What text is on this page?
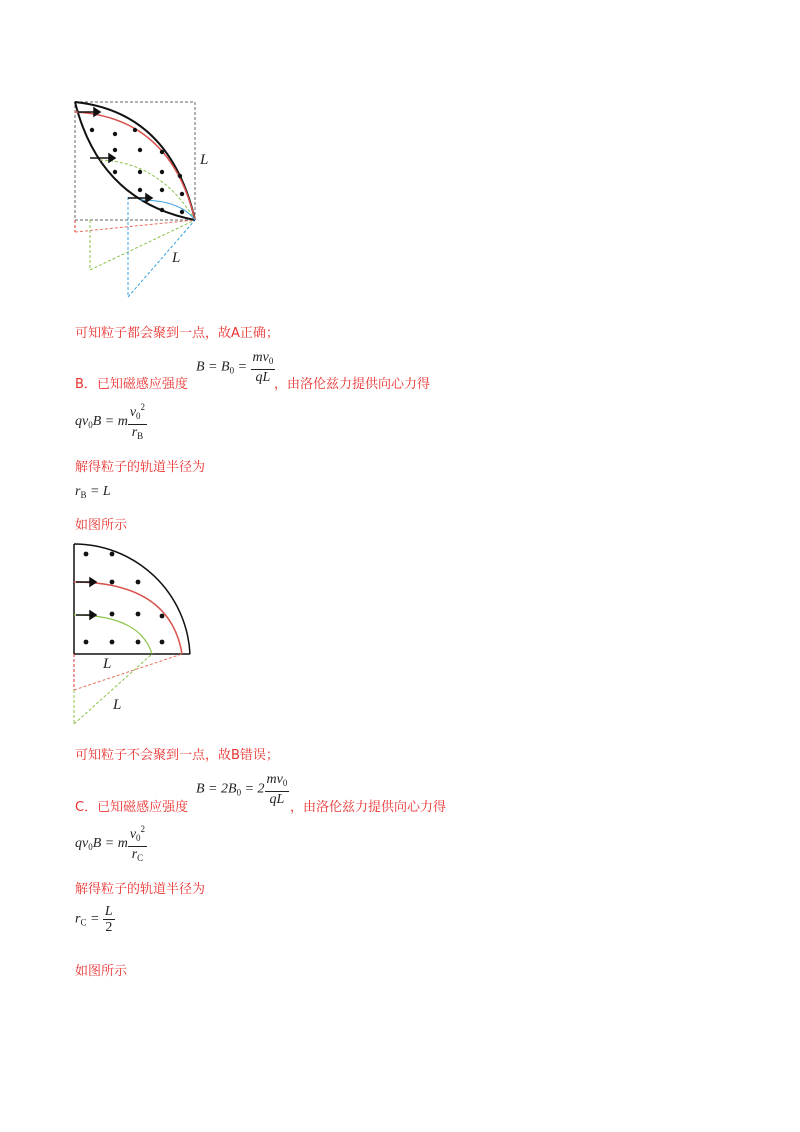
L
L
可知粒子都会聚到一点，故A正确；
B．已知磁感应强度
$B = B_0 = \frac{mv_0}{qL}$
，由洛伦兹力提供向心力得
$qv_0B = m \frac{v_0^2}{r_B}$
解得粒子的轨道半径为
$r_B = L$
如图所示
L
L
可知粒子不会聚到一点，故B错误；
C．已知磁感应强度
$B = 2B_0 = 2 \frac{mv_0}{qL}$
，由洛伦兹力提供向心力得
$qv_0B = m \frac{v_0^2}{r_C}$
解得粒子的轨道半径为
$r_C = \frac{L}{2}$
如图所示
